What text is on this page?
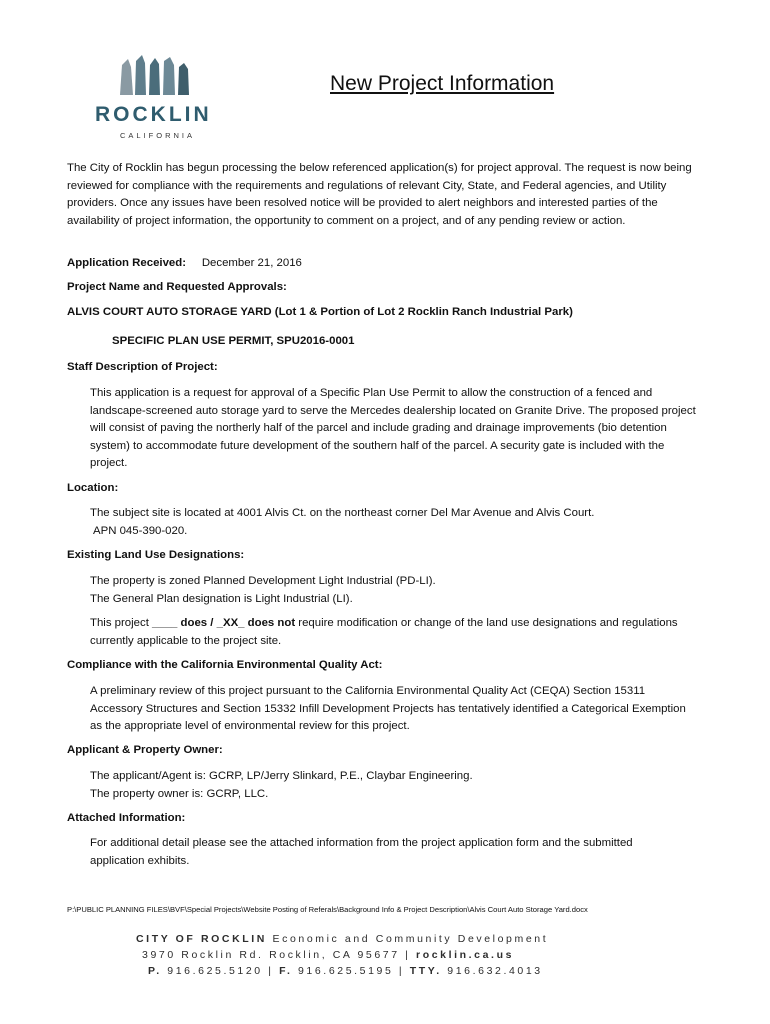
ROCKLIN
CALIFORNIA
New Project Information
The City of Rocklin has begun processing the below referenced application(s) for project approval. The request is now being reviewed for compliance with the requirements and regulations of relevant City, State, and Federal agencies, and Utility providers. Once any issues have been resolved notice will be provided to alert neighbors and interested parties of the availability of project information, the opportunity to comment on a project, and of any pending review or action.
Application Received: December 21, 2016
Project Name and Requested Approvals:
ALVIS COURT AUTO STORAGE YARD (Lot 1 & Portion of Lot 2 Rocklin Ranch Industrial Park)
SPECIFIC PLAN USE PERMIT, SPU2016-0001
Staff Description of Project:
This application is a request for approval of a Specific Plan Use Permit to allow the construction of a fenced and landscape-screened auto storage yard to serve the Mercedes dealership located on Granite Drive. The proposed project will consist of paving the northerly half of the parcel and include grading and drainage improvements (bio detention system) to accommodate future development of the southern half of the parcel. A security gate is included with the project.
Location:
The subject site is located at 4001 Alvis Ct. on the northeast corner Del Mar Avenue and Alvis Court.
APN 045-390-020.
Existing Land Use Designations:
The property is zoned Planned Development Light Industrial (PD-LI).
The General Plan designation is Light Industrial (LI).
This project ____ does / _XX_ does not require modification or change of the land use designations and regulations currently applicable to the project site.
Compliance with the California Environmental Quality Act:
A preliminary review of this project pursuant to the California Environmental Quality Act (CEQA) Section 15311 Accessory Structures and Section 15332 Infill Development Projects has tentatively identified a Categorical Exemption as the appropriate level of environmental review for this project.
Applicant & Property Owner:
The applicant/Agent is: GCRP, LP/Jerry Slinkard, P.E., Claybar Engineering.
The property owner is: GCRP, LLC.
Attached Information:
For additional detail please see the attached information from the project application form and the submitted application exhibits.
P:\PUBLIC PLANNING FILES\BVF\Special Projects\Website Posting of Referals\Background Info & Project Description\Alvis Court Auto Storage Yard.docx
CITY OF ROCKLIN Economic and Community Development
3970 Rocklin Rd. Rocklin, CA 95677 | rocklin.ca.us
P. 916.625.5120 | F. 916.625.5195 | TTY. 916.632.4013
